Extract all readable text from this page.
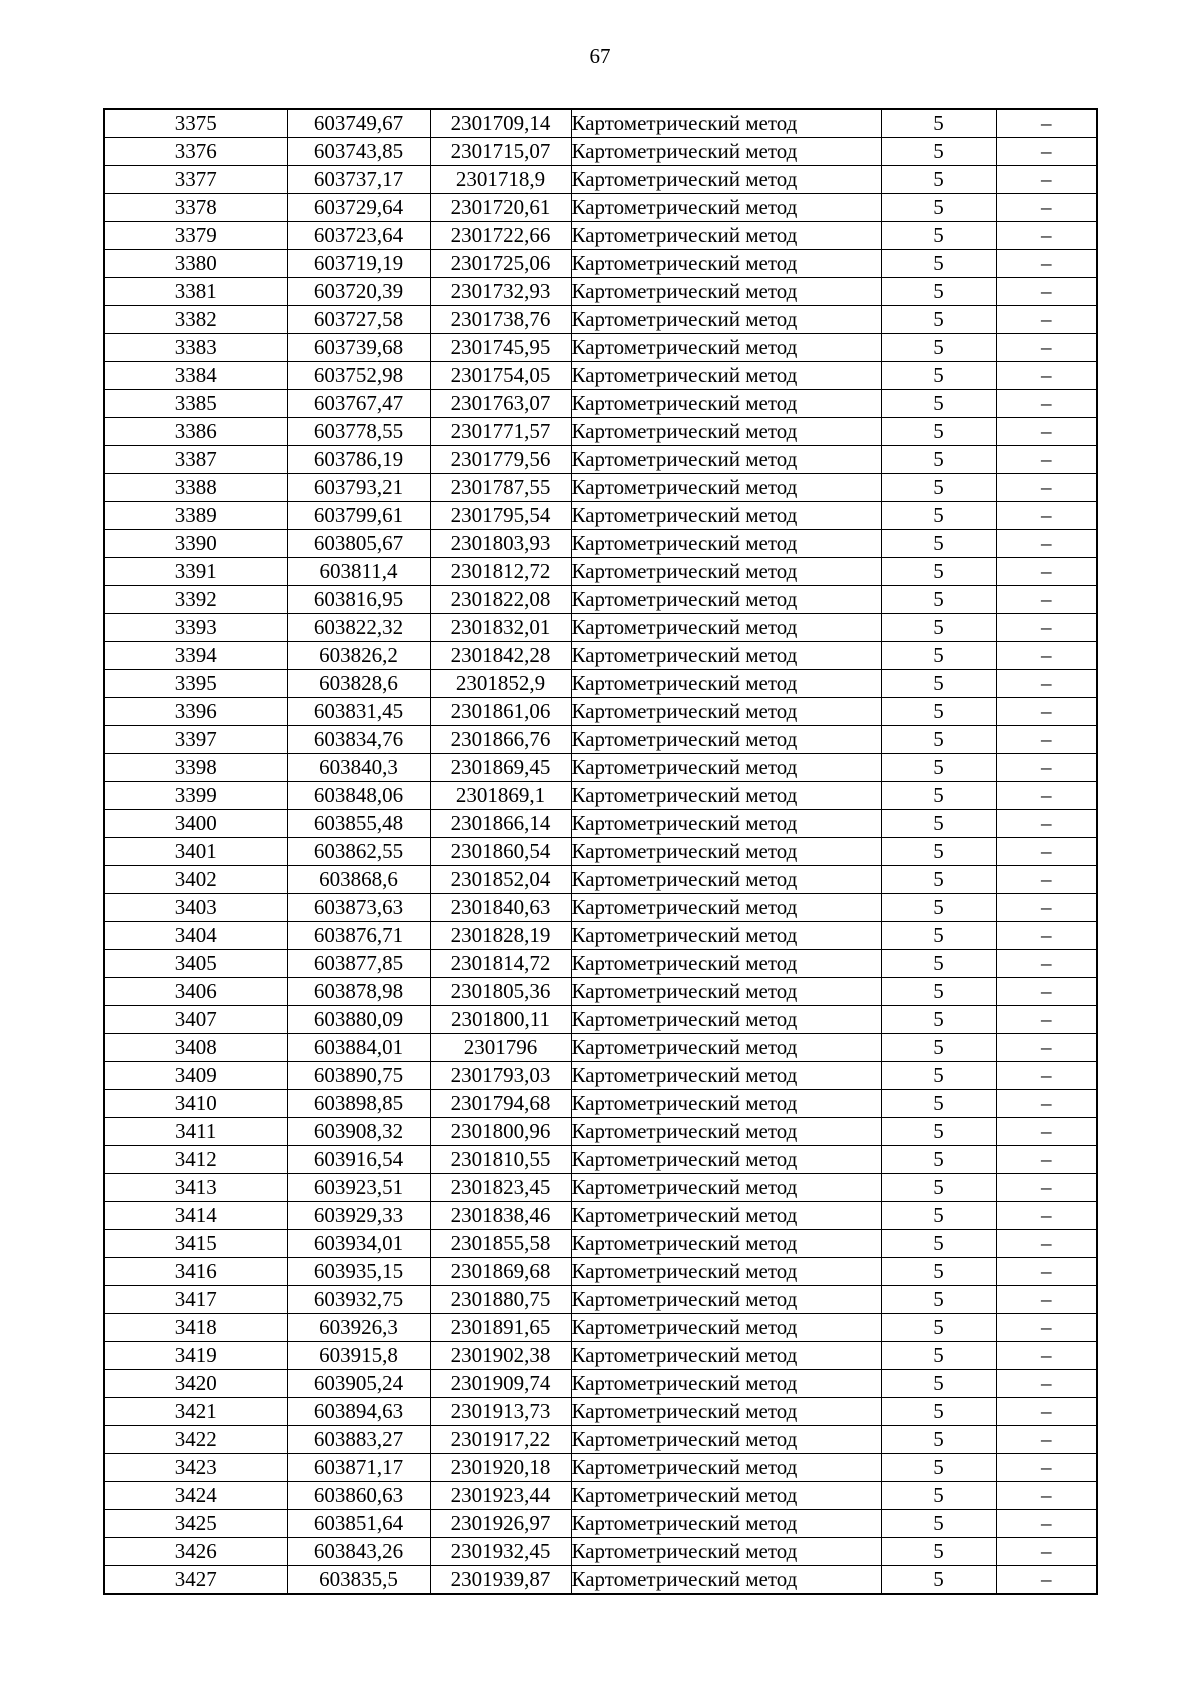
67
3375	603749,67	2301709,14	Картометрический метод	5	–
3376	603743,85	2301715,07	Картометрический метод	5	–
3377	603737,17	2301718,9	Картометрический метод	5	–
3378	603729,64	2301720,61	Картометрический метод	5	–
3379	603723,64	2301722,66	Картометрический метод	5	–
3380	603719,19	2301725,06	Картометрический метод	5	–
3381	603720,39	2301732,93	Картометрический метод	5	–
3382	603727,58	2301738,76	Картометрический метод	5	–
3383	603739,68	2301745,95	Картометрический метод	5	–
3384	603752,98	2301754,05	Картометрический метод	5	–
3385	603767,47	2301763,07	Картометрический метод	5	–
3386	603778,55	2301771,57	Картометрический метод	5	–
3387	603786,19	2301779,56	Картометрический метод	5	–
3388	603793,21	2301787,55	Картометрический метод	5	–
3389	603799,61	2301795,54	Картометрический метод	5	–
3390	603805,67	2301803,93	Картометрический метод	5	–
3391	603811,4	2301812,72	Картометрический метод	5	–
3392	603816,95	2301822,08	Картометрический метод	5	–
3393	603822,32	2301832,01	Картометрический метод	5	–
3394	603826,2	2301842,28	Картометрический метод	5	–
3395	603828,6	2301852,9	Картометрический метод	5	–
3396	603831,45	2301861,06	Картометрический метод	5	–
3397	603834,76	2301866,76	Картометрический метод	5	–
3398	603840,3	2301869,45	Картометрический метод	5	–
3399	603848,06	2301869,1	Картометрический метод	5	–
3400	603855,48	2301866,14	Картометрический метод	5	–
3401	603862,55	2301860,54	Картометрический метод	5	–
3402	603868,6	2301852,04	Картометрический метод	5	–
3403	603873,63	2301840,63	Картометрический метод	5	–
3404	603876,71	2301828,19	Картометрический метод	5	–
3405	603877,85	2301814,72	Картометрический метод	5	–
3406	603878,98	2301805,36	Картометрический метод	5	–
3407	603880,09	2301800,11	Картометрический метод	5	–
3408	603884,01	2301796	Картометрический метод	5	–
3409	603890,75	2301793,03	Картометрический метод	5	–
3410	603898,85	2301794,68	Картометрический метод	5	–
3411	603908,32	2301800,96	Картометрический метод	5	–
3412	603916,54	2301810,55	Картометрический метод	5	–
3413	603923,51	2301823,45	Картометрический метод	5	–
3414	603929,33	2301838,46	Картометрический метод	5	–
3415	603934,01	2301855,58	Картометрический метод	5	–
3416	603935,15	2301869,68	Картометрический метод	5	–
3417	603932,75	2301880,75	Картометрический метод	5	–
3418	603926,3	2301891,65	Картометрический метод	5	–
3419	603915,8	2301902,38	Картометрический метод	5	–
3420	603905,24	2301909,74	Картометрический метод	5	–
3421	603894,63	2301913,73	Картометрический метод	5	–
3422	603883,27	2301917,22	Картометрический метод	5	–
3423	603871,17	2301920,18	Картометрический метод	5	–
3424	603860,63	2301923,44	Картометрический метод	5	–
3425	603851,64	2301926,97	Картометрический метод	5	–
3426	603843,26	2301932,45	Картометрический метод	5	–
3427	603835,5	2301939,87	Картометрический метод	5	–
